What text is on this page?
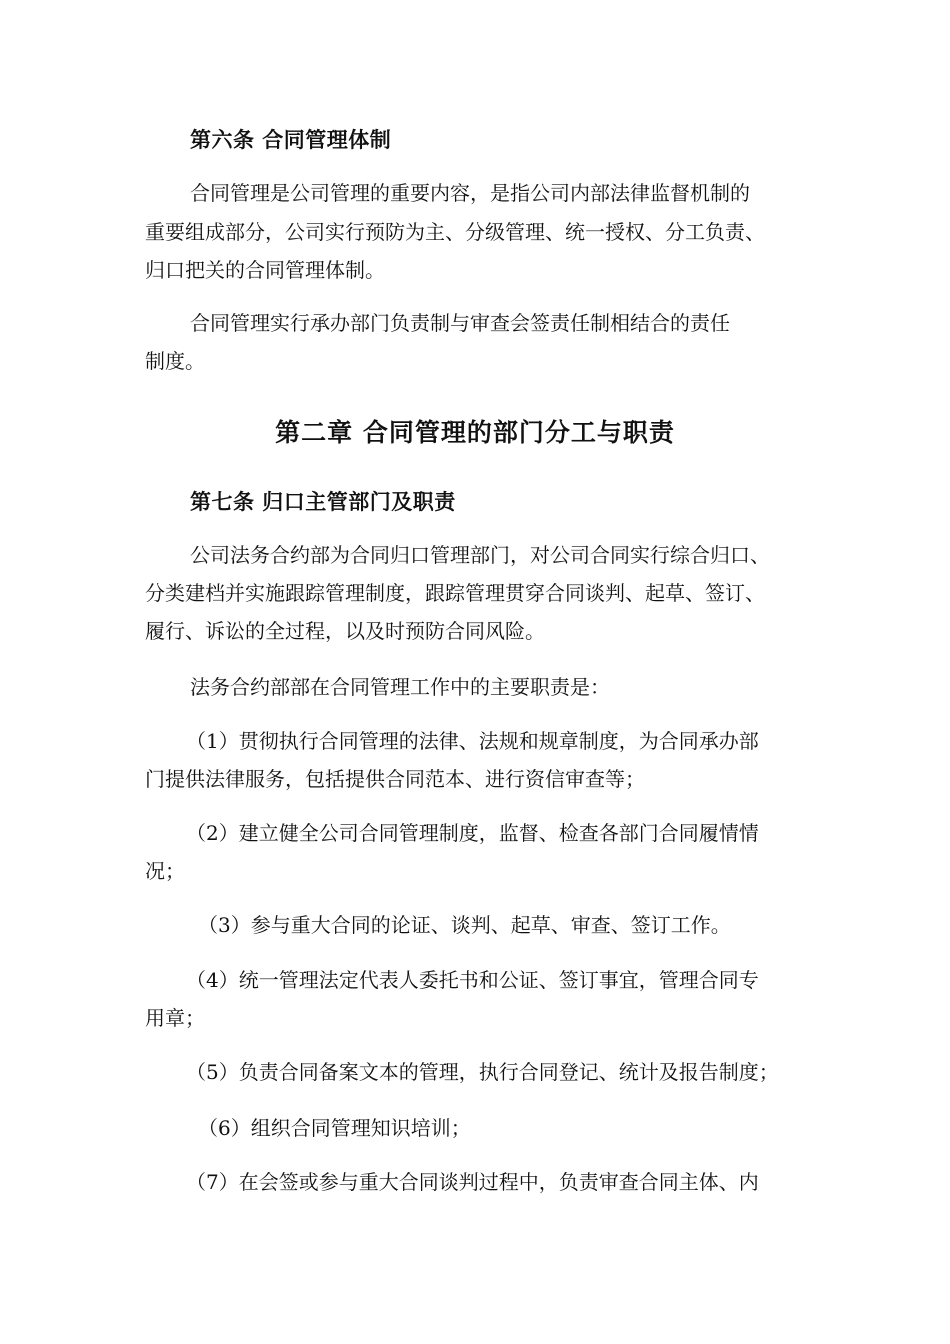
第六条 合同管理体制
合同管理是公司管理的重要内容，是指公司内部法律监督机制的
重要组成部分，公司实行预防为主、分级管理、统一授权、分工负责、
归口把关的合同管理体制。
合同管理实行承办部门负责制与审查会签责任制相结合的责任
制度。
第二章 合同管理的部门分工与职责
第七条 归口主管部门及职责
公司法务合约部为合同归口管理部门，对公司合同实行综合归口、
分类建档并实施跟踪管理制度，跟踪管理贯穿合同谈判、起草、签订、
履行、诉讼的全过程，以及时预防合同风险。
法务合约部部在合同管理工作中的主要职责是：
（1）贯彻执行合同管理的法律、法规和规章制度，为合同承办部
门提供法律服务，包括提供合同范本、进行资信审查等；
（2）建立健全公司合同管理制度，监督、检查各部门合同履情情
况；
（3）参与重大合同的论证、谈判、起草、审查、签订工作。
（4）统一管理法定代表人委托书和公证、签订事宜，管理合同专
用章；
（5）负责合同备案文本的管理，执行合同登记、统计及报告制度；
（6）组织合同管理知识培训；
（7）在会签或参与重大合同谈判过程中，负责审查合同主体、内
